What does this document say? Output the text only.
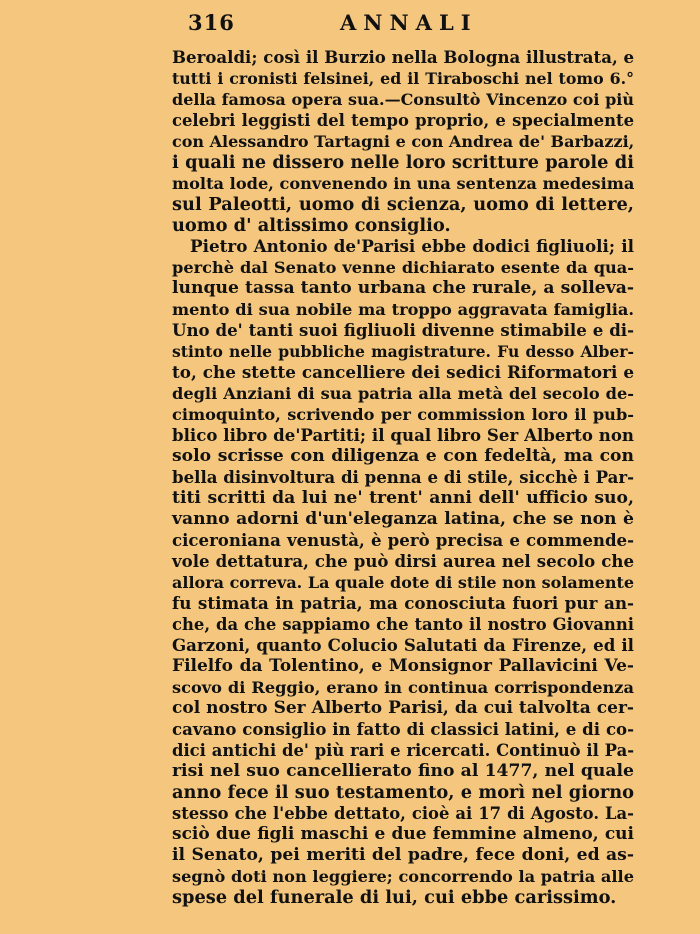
316	ANNALI
Beroaldi; così il Burzio nella Bologna illustrata, e
tutti i cronisti felsinei, ed il Tiraboschi nel tomo 6.°
della famosa opera sua.—Consultò Vincenzo coi più
celebri leggisti del tempo proprio, e specialmente
con Alessandro Tartagni e con Andrea de' Barbazzi,
i quali ne dissero nelle loro scritture parole di
molta lode, convenendo in una sentenza medesima
sul Paleotti, uomo di scienza, uomo di lettere,
uomo d' altissimo consiglio.
Pietro Antonio de'Parisi ebbe dodici figliuoli; il
perchè dal Senato venne dichiarato esente da qua-
lunque tassa tanto urbana che rurale, a solleva-
mento di sua nobile ma troppo aggravata famiglia.
Uno de' tanti suoi figliuoli divenne stimabile e di-
stinto nelle pubbliche magistrature. Fu desso Alber-
to, che stette cancelliere dei sedici Riformatori e
degli Anziani di sua patria alla metà del secolo de-
cimoquinto, scrivendo per commission loro il pub-
blico libro de'Partiti; il qual libro Ser Alberto non
solo scrisse con diligenza e con fedeltà, ma con
bella disinvoltura di penna e di stile, sicchè i Par-
titi scritti da lui ne' trent' anni dell' ufficio suo,
vanno adorni d'un'eleganza latina, che se non è
ciceroniana venustà, è però precisa e commende-
vole dettatura, che può dirsi aurea nel secolo che
allora correva. La quale dote di stile non solamente
fu stimata in patria, ma conosciuta fuori pur an-
che, da che sappiamo che tanto il nostro Giovanni
Garzoni, quanto Colucio Salutati da Firenze, ed il
Filelfo da Tolentino, e Monsignor Pallavicini Ve-
scovo di Reggio, erano in continua corrispondenza
col nostro Ser Alberto Parisi, da cui talvolta cer-
cavano consiglio in fatto di classici latini, e di co-
dici antichi de' più rari e ricercati. Continuò il Pa-
risi nel suo cancellierato fino al 1477, nel quale
anno fece il suo testamento, e morì nel giorno
stesso che l'ebbe dettato, cioè ai 17 di Agosto. La-
sciò due figli maschi e due femmine almeno, cui
il Senato, pei meriti del padre, fece doni, ed as-
segnò doti non leggiere; concorrendo la patria alle
spese del funerale di lui, cui ebbe carissimo.
